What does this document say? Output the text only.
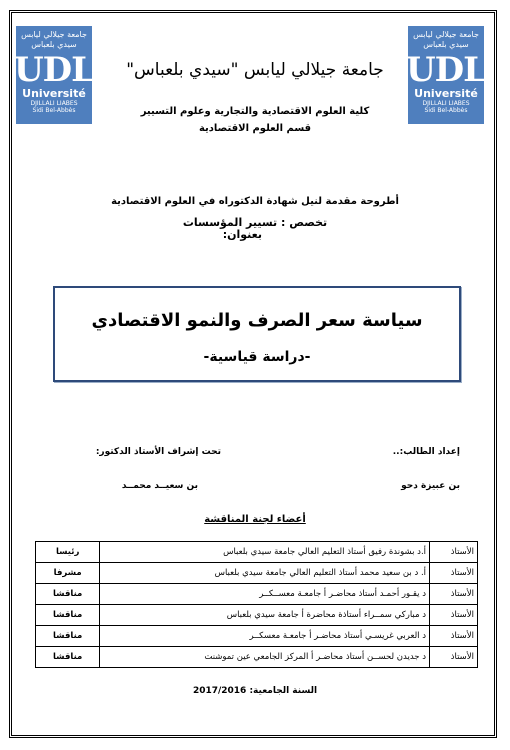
جامعة جيلالي ليابس
سيدي بلعباس
UDL
Université
DJILLALI LIABES
Sidi Bel-Abbès
جامعة جيلالي ليابس
سيدي بلعباس
UDL
Université
DJILLALI LIABES
Sidi Bel-Abbès
جامعة جيلالي ليابس "سيدي بلعباس"
كلية العلوم الاقتصادية والتجارية وعلوم التسيير
قسم العلوم الاقتصادية
أطروحة مقدمة لنيل شهادة الدكتوراه في العلوم الاقتصادية
تخصص : تسيير المؤسسات
بعنوان:
سياسة سعر الصرف والنمو الاقتصادي
-دراسة قياسية-
إعداد الطالب:..
تحت إشراف الأستاذ الدكتور:
بن عبيزة دحو
بن سعيــد محمــد
أعضاء لجنة المناقشة
الأستاذ	أ.د بشوندة رفيق أستاذ التعليم العالي جامعة سيدي بلعباس	رئيسا
الأستاذ	أ. د بن سعيد محمد أستاذ التعليم العالي جامعة سيدي بلعباس	مشرفا
الأستاذ	د يقـور أحمـد أستاذ محاضـر أ جامعـة معســكــر	مناقشا
الأستاذ	د مباركي سمــراء أستاذة محاضرة أ جامعة سيدي بلعباس	مناقشا
الأستاذ	د العربي غريسـي أستاذ محاضـر أ جامعـة معسكــر	مناقشا
الأستاذ	د جديدن لحســن أستاذ محاضـر أ المركز الجامعي عين تموشنت	مناقشا
السنة الجامعية: 2017/2016
